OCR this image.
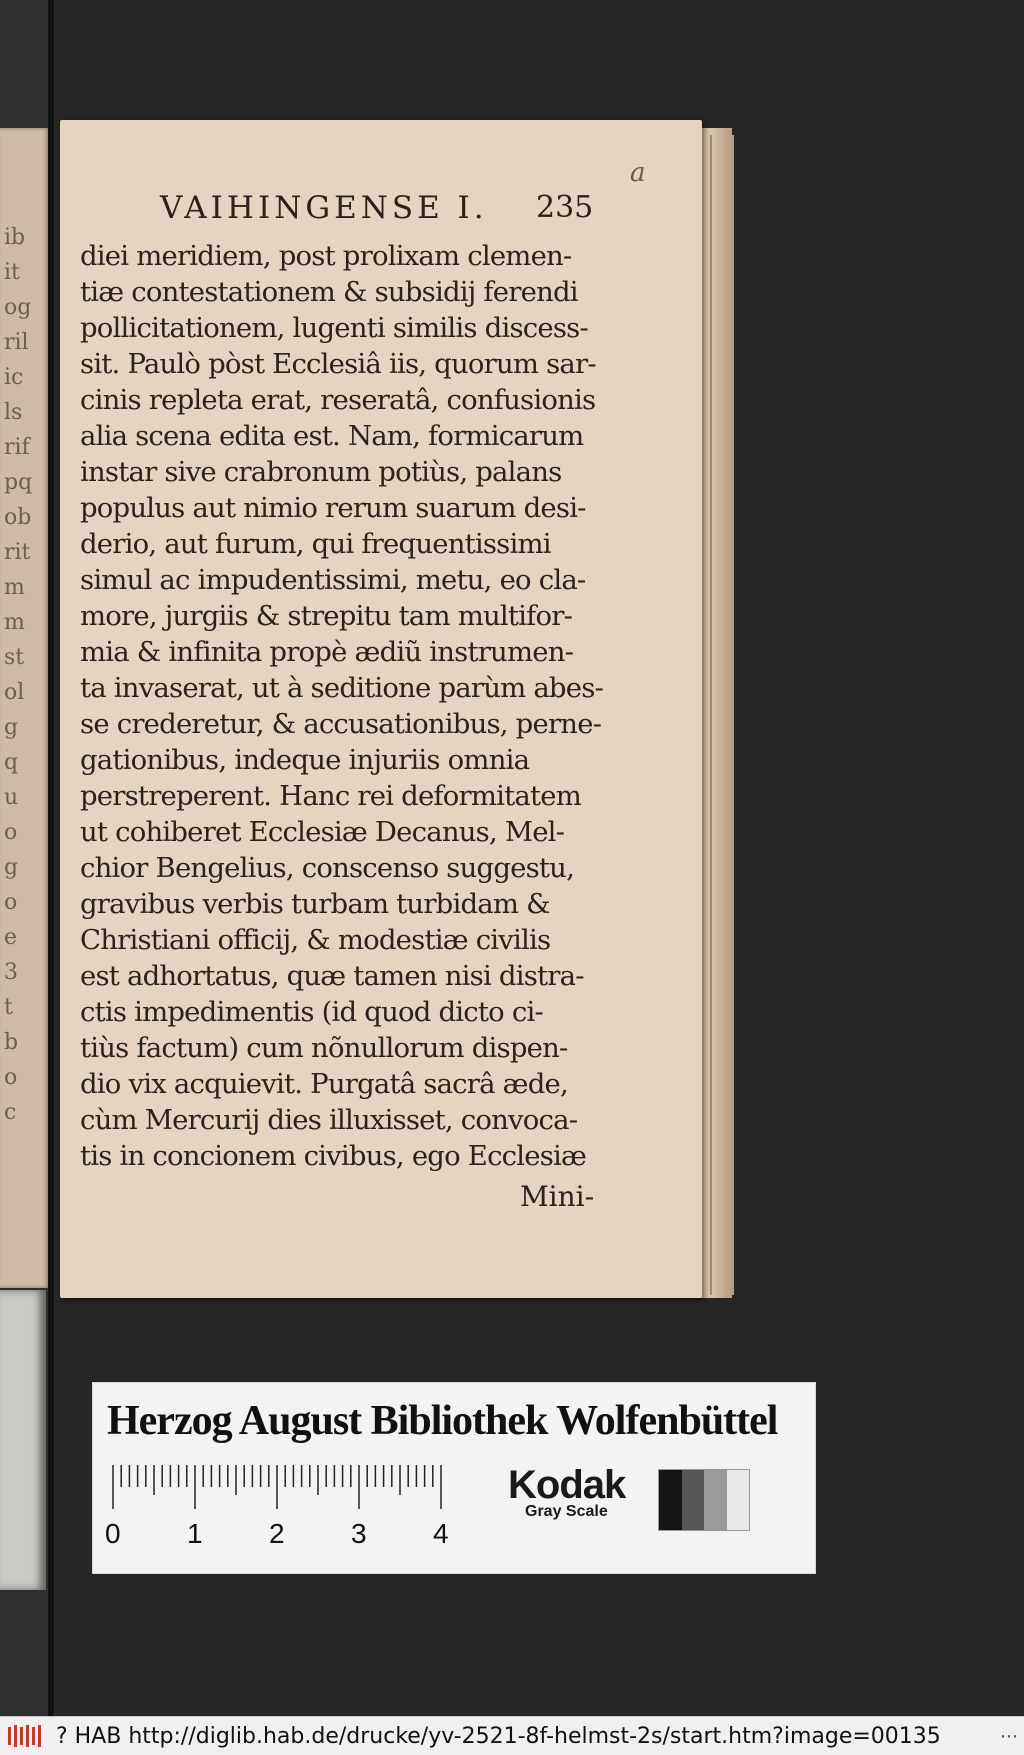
ib
it
og
ril
ic
ls
rif
pq
ob
rit
m
m
st
ol
g
q
u
o
g
o
e
3
t
b
o
c
a
VAIHINGENSE I. 235
diei meridiem, post prolixam clemen-
tiæ contestationem & subsidij ferendi
pollicitationem, lugenti similis discess-
sit. Paulò pòst Ecclesiâ iis, quorum sar-
cinis repleta erat, reseratâ, confusionis
alia scena edita est. Nam, formicarum
instar sive crabronum potiùs, palans
populus aut nimio rerum suarum desi-
derio, aut furum, qui frequentissimi
simul ac impudentissimi, metu, eo cla-
more, jurgiis & strepitu tam multifor-
mia & infinita propè ædiũ instrumen-
ta invaserat, ut à seditione parùm abes-
se crederetur, & accusationibus, perne-
gationibus, indeque injuriis omnia
perstreperent. Hanc rei deformitatem
ut cohiberet Ecclesiæ Decanus, Mel-
chior Bengelius, conscenso suggestu,
gravibus verbis turbam turbidam &
Christiani officij, & modestiæ civilis
est adhortatus, quæ tamen nisi distra-
ctis impedimentis (id quod dicto ci-
tiùs factum) cum nõnullorum dispen-
dio vix acquievit. Purgatâ sacrâ æde,
cùm Mercurij dies illuxisset, convoca-
tis in concionem civibus, ego Ecclesiæ
Mini-
Herzog August Bibliothek Wolfenbüttel
0 1 2 3 4
Kodak
Gray Scale
? HAB http://diglib.hab.de/drucke/yv-2521-8f-helmst-2s/start.htm?image=00135	⋯
